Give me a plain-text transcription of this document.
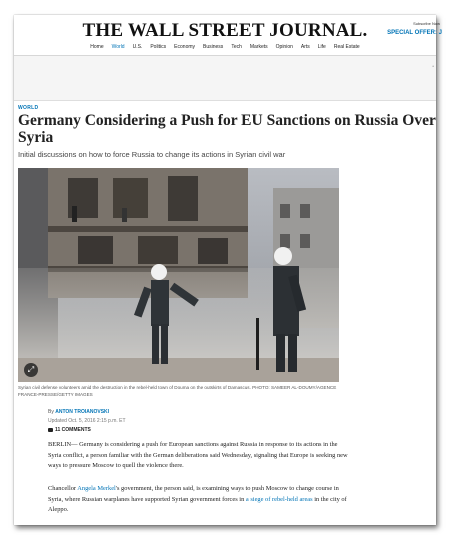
THE WALL STREET JOURNAL.	Subscribe Now
SPECIAL OFFER: J
Home World U.S. Politics Economy Business Tech Markets Opinion Arts Life Real Estate
•
WORLD
Germany Considering a Push for EU Sanctions on Russia Over Syria
Initial discussions on how to force Russia to change its actions in Syrian civil war
⤢
Syrian civil defense volunteers amid the destruction in the rebel-held town of Douma on the outskirts of Damascus. PHOTO: SAMEER AL-DOUMY/AGENCE FRANCE-PRESSE/GETTY IMAGES
By ANTON TROIANOVSKI
Updated Oct. 5, 2016 2:15 p.m. ET
11 COMMENTS
BERLIN— Germany is considering a push for European sanctions against Russia in response to its actions in the Syria conflict, a person familiar with the German deliberations said Wednesday, signaling that Europe is seeking new ways to pressure Moscow to quell the violence there.
Chancellor Angela Merkel's government, the person said, is examining ways to push Moscow to change course in Syria, where Russian warplanes have supported Syrian government forces in a siege of rebel-held areas in the city of Aleppo.
